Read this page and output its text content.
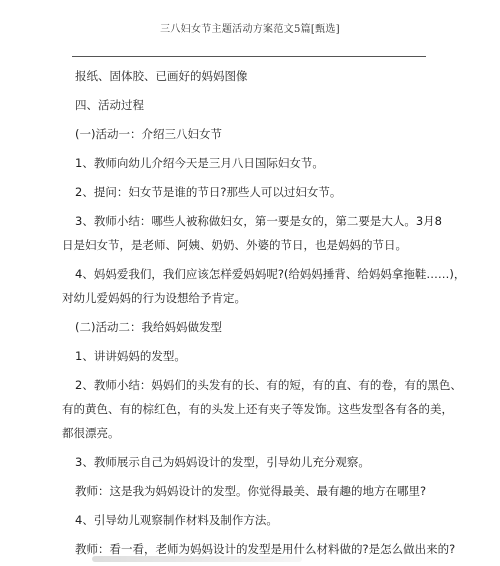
三八妇女节主题活动方案范文5篇[甄选]

报纸、固体胶、已画好的妈妈图像

四、活动过程

(一)活动一：介绍三八妇女节

1、教师向幼儿介绍今天是三月八日国际妇女节。

2、提问：妇女节是谁的节日?那些人可以过妇女节。

3、教师小结：哪些人被称做妇女，第一要是女的，第二要是大人。3月8

日是妇女节，是老师、阿姨、奶奶、外婆的节日，也是妈妈的节日。

4、妈妈爱我们，我们应该怎样爱妈妈呢?(给妈妈捶背、给妈妈拿拖鞋……)，

对幼儿爱妈妈的行为设想给予肯定。

(二)活动二：我给妈妈做发型

1、讲讲妈妈的发型。

2、教师小结：妈妈们的头发有的长、有的短，有的直、有的卷，有的黑色、

有的黄色、有的棕红色，有的头发上还有夹子等发饰。这些发型各有各的美，

都很漂亮。

3、教师展示自己为妈妈设计的发型，引导幼儿充分观察。

教师：这是我为妈妈设计的发型。你觉得最美、最有趣的地方在哪里?

4、引导幼儿观察制作材料及制作方法。

教师：看一看，老师为妈妈设计的发型是用什么材料做的?是怎么做出来的?
